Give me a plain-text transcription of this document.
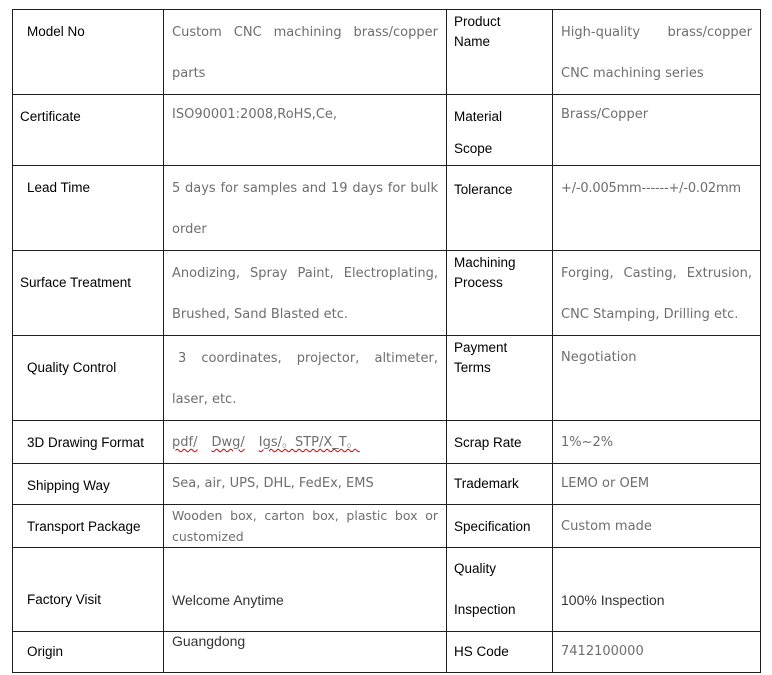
Model No	Custom CNC machining brass/copper parts	Product Name	High-quality brass/copper CNC machining series

Certificate	ISO90001:2008,RoHS,Ce,	Material Scope	Brass/Copper

Lead Time	5 days for samples and 19 days for bulk order	Tolerance	+/-0.005mm------+/-0.02mm

Surface Treatment	Anodizing, Spray Paint, Electroplating, Brushed, Sand Blasted etc.	Machining Process	Forging, Casting, Extrusion, CNC Stamping, Drilling etc.

Quality Control	3 coordinates, projector, altimeter, laser, etc.	Payment Terms	Negotiation

3D Drawing Format	pdf/ Dwg/ Igs/。STP/X_T。	Scrap Rate	1%~2%

Shipping Way	Sea, air, UPS, DHL, FedEx, EMS	Trademark	LEMO or OEM

Transport Package	Wooden box, carton box, plastic box or customized	Specification	Custom made

Factory Visit	Welcome Anytime	Quality Inspection	100% Inspection

Origin	Guangdong	HS Code	7412100000
